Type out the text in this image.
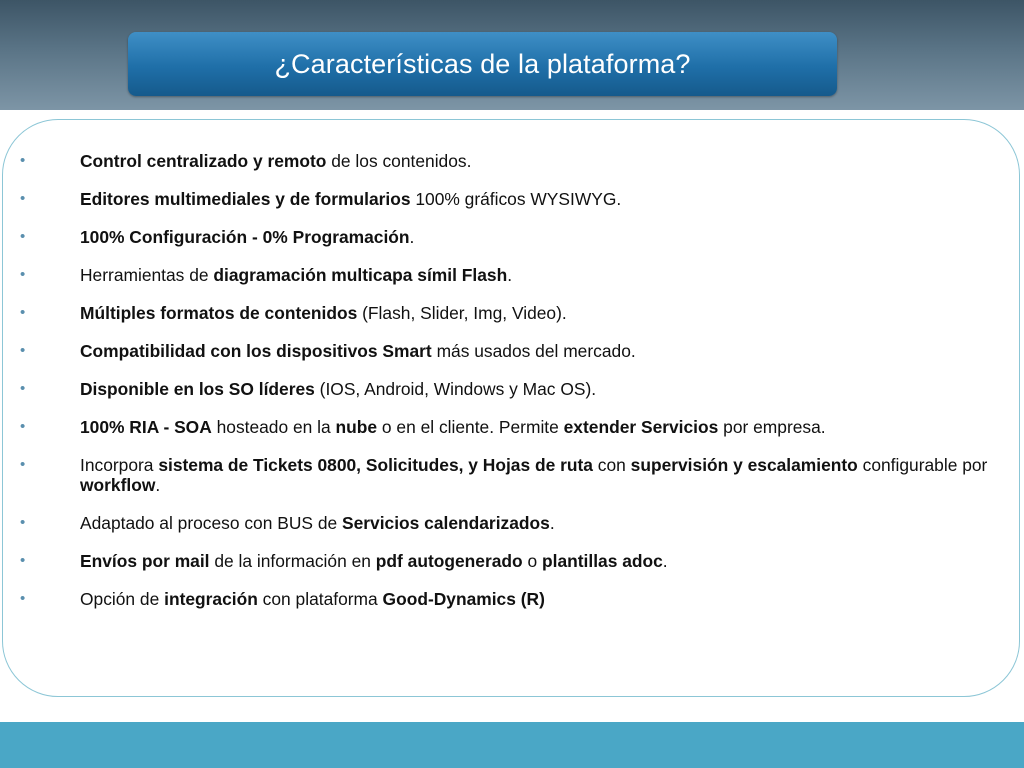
¿Características de la plataforma?
•	Control centralizado y remoto de los contenidos.
•	Editores multimediales y de formularios 100% gráficos WYSIWYG.
•	100% Configuración - 0% Programación.
•	Herramientas de diagramación multicapa símil Flash.
•	Múltiples formatos de contenidos (Flash, Slider, Img, Video).
•	Compatibilidad con los dispositivos Smart más usados del mercado.
•	Disponible en los SO líderes (IOS, Android, Windows y Mac OS).
•	100% RIA - SOA hosteado en la nube o en el cliente. Permite extender Servicios por empresa.
•	Incorpora sistema de Tickets 0800, Solicitudes, y Hojas de ruta con supervisión y escalamiento configurable por workflow.
•	Adaptado al proceso con BUS de Servicios calendarizados.
•	Envíos por mail de la información en pdf autogenerado o plantillas adoc.
•	Opción de integración con plataforma Good-Dynamics (R)
